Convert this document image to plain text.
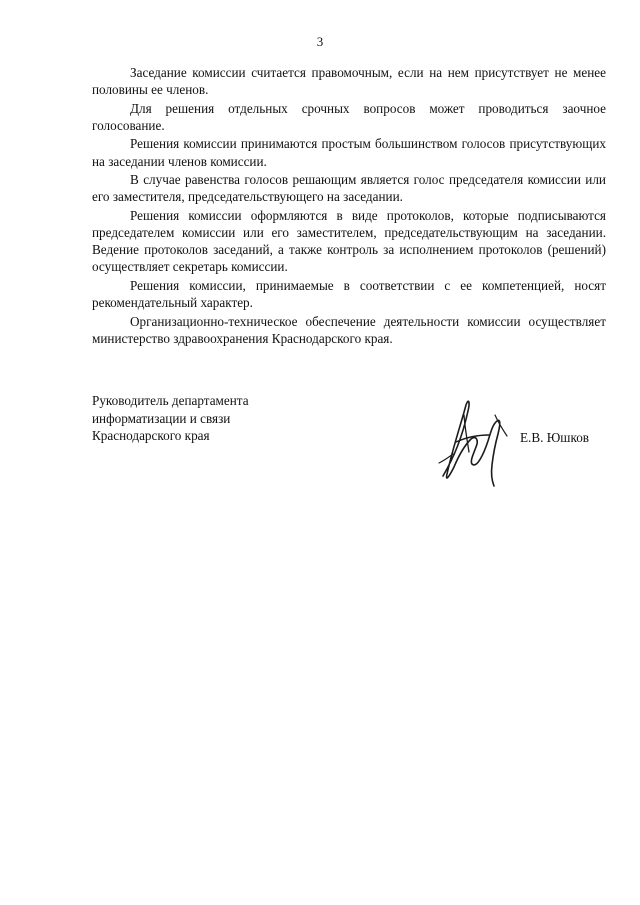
3

Заседание комиссии считается правомочным, если на нем присутствует не менее половины ее членов.

Для решения отдельных срочных вопросов может проводиться заочное голосование.

Решения комиссии принимаются простым большинством голосов присутствующих на заседании членов комиссии.

В случае равенства голосов решающим является голос председателя комиссии или его заместителя, председательствующего на заседании.

Решения комиссии оформляются в виде протоколов, которые подписываются председателем комиссии или его заместителем, председательствующим на заседании. Ведение протоколов заседаний, а также контроль за исполнением протоколов (решений) осуществляет секретарь комиссии.

Решения комиссии, принимаемые в соответствии с ее компетенцией, носят рекомендательный характер.

Организационно-техническое обеспечение деятельности комиссии осуществляет министерство здравоохранения Краснодарского края.

Руководитель департамента
информатизации и связи
Краснодарского края	Е.В. Юшков
